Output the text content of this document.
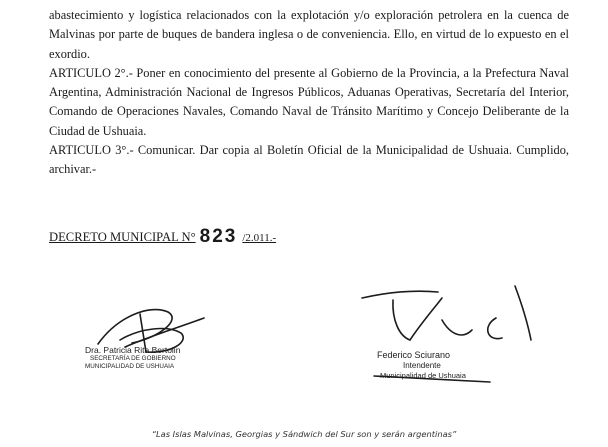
abastecimiento y logística relacionados con la explotación y/o exploración petrolera en la cuenca de Malvinas por parte de buques de bandera inglesa o de conveniencia. Ello, en virtud de lo expuesto en el exordio.

ARTICULO 2°.- Poner en conocimiento del presente al Gobierno de la Provincia, a la Prefectura Naval Argentina, Administración Nacional de Ingresos Públicos, Aduanas Operativas, Secretaría del Interior, Comando de Operaciones Navales, Comando Naval de Tránsito Marítimo y Concejo Deliberante de la Ciudad de Ushuaia.

ARTICULO 3°.- Comunicar. Dar copia al Boletín Oficial de la Municipalidad de Ushuaia. Cumplido, archivar.-

DECRETO MUNICIPAL N° 823 /2.011.-
Dra. Patricia Rita Bertolin
SECRETARÍA DE GOBIERNO
MUNICIPALIDAD DE USHUAIA
Federico Sciurano
Intendente
Municipalidad de Ushuaia
“Las Islas Malvinas, Georgias y Sándwich del Sur son y serán argentinas”
